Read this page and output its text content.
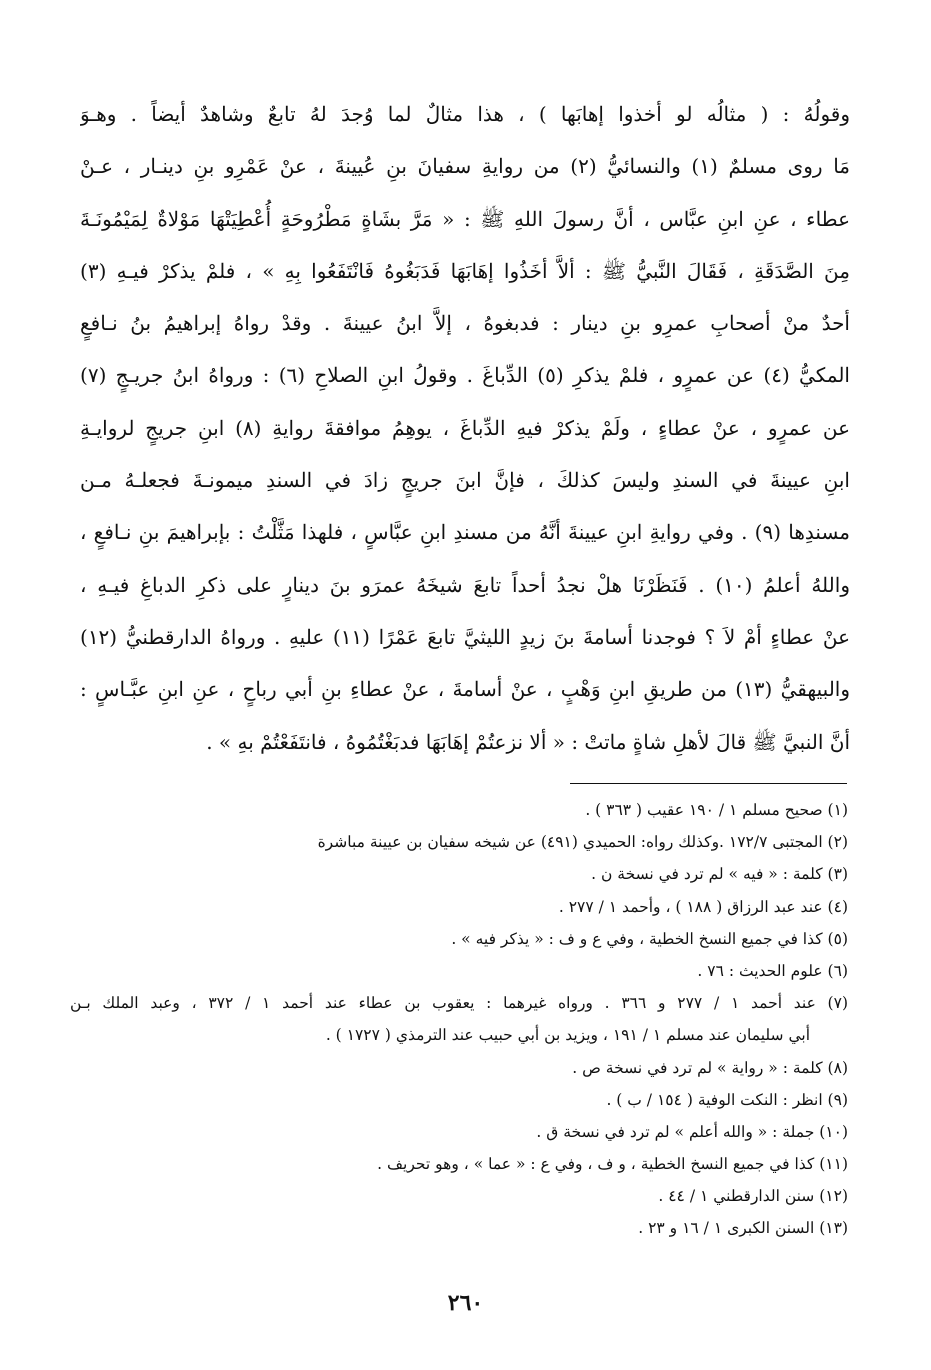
وقولُهُ : ( مثالُه لو أخذوا إهابَها ) ، هذا مثالٌ لما وُجدَ لهُ تابعٌ وشاهدٌ أيضاً . وهـوَ
مَا روى مسلمٌ (١) والنسائيُّ (٢) من روايةِ سفيانَ بنِ عُيينةَ ، عنْ عَمْرِو بنِ دينـار ، عـنْ
عطاء ، عنِ ابنِ عبَّاس ، أنَّ رسولَ اللهِ ﷺ : « مَرَّ بشَاةٍ مَطْرُوحَةٍ أُعْطِيَتْهَا مَوْلاةٌ لِمَيْمُونَـةَ
مِنَ الصَّدَقَةِ ، فَقَالَ النَّبيُّ ﷺ : ألاَّ أخَذُوا إهَابَهَا فَدَبَغُوهُ فَانْتَفَعُوا بِهِ » ، فلمْ يذكرْ فيـهِ (٣)
أحدٌ منْ أصحابِ عمرِو بنِ دينار : فدبغوهُ ، إلاَّ ابنُ عيينةَ . وقدْ رواهُ إبراهيمُ بنُ نـافعٍ
المكيُّ (٤) عن عمرٍو ، فلمْ يذكرِ (٥) الدِّباغَ . وقولُ ابنِ الصلاحِ (٦) : ورواهُ ابنُ جريـجٍ (٧)
عن عمرٍو ، عنْ عطاءٍ ، ولَمْ يذكرْ فيهِ الدِّباغَ ، يوهِمُ موافقةَ روايةِ (٨) ابنِ جريجٍ لروايـةِ
ابنِ عيينةَ في السندِ وليسَ كذلكَ ، فإنَّ ابنَ جريجٍ زادَ في السندِ ميمونـةَ فجعلـهُ مـن
مسندِها (٩) . وفي روايةِ ابنِ عيينةَ أنَّهُ من مسندِ ابنِ عبَّاسٍ ، فلهذا مَثَّلْتُ : بإبراهيمَ بنِ نـافعٍ ،
واللهُ أعلمُ (١٠) . فَنَظَرْنَا هلْ نجدُ أحداً تابعَ شيخَهُ عمرَو بنَ دينارٍ على ذكرِ الدباغِ فيـهِ ،
عنْ عطاءٍ أمْ لاَ ؟ فوجدنا أسامةَ بنَ زيدٍ الليثيَّ تابعَ عَمْرًا (١١) عليهِ . ورواهُ الدارقطنيُّ (١٢)
والبيهقيُّ (١٣) من طريقِ ابنِ وَهْبٍ ، عنْ أسامةَ ، عنْ عطاءِ بنِ أبي رباحٍ ، عنِ ابنِ عبَّـاسٍ :
أنَّ النبيَّ ﷺ قالَ لأهلِ شاةٍ ماتتْ : « ألا نزعتُمْ إهَابَهَا فدبَغْتُمُوهُ ، فانتَفَعْتُمْ بهِ » .
(١) صحيح مسلم ١ / ١٩٠ عقيب ( ٣٦٣ ) .
(٢) المجتبى ١٧٢/٧ .وكذلك رواه: الحميدي (٤٩١) عن شيخه سفيان بن عيينة مباشرة
(٣) كلمة : « فيه » لم ترد في نسخة ن .
(٤) عند عبد الرزاق ( ١٨٨ ) ، وأحمد ١ / ٢٧٧ .
(٥) كذا في جميع النسخ الخطية ، وفي ع و ف : « يذكر فيه » .
(٦) علوم الحديث : ٧٦ .
(٧) عند أحمد ١ / ٢٧٧ و ٣٦٦ . ورواه غيرهما : يعقوب بن عطاء عند أحمد ١ / ٣٧٢ ، وعبد الملك بـن
أبي سليمان عند مسلم ١ / ١٩١ ، ويزيد بن أبي حبيب عند الترمذي ( ١٧٢٧ ) .
(٨) كلمة : « رواية » لم ترد في نسخة ص .
(٩) انظر : النكت الوفية ( ١٥٤ / ب ) .
(١٠) جملة : « والله أعلم » لم ترد في نسخة ق .
(١١) كذا في جميع النسخ الخطية ، و ف ، وفي ع : « عما » ، وهو تحريف .
(١٢) سنن الدارقطني ١ / ٤٤ .
(١٣) السنن الكبرى ١ / ١٦ و ٢٣ .
٢٦٠
